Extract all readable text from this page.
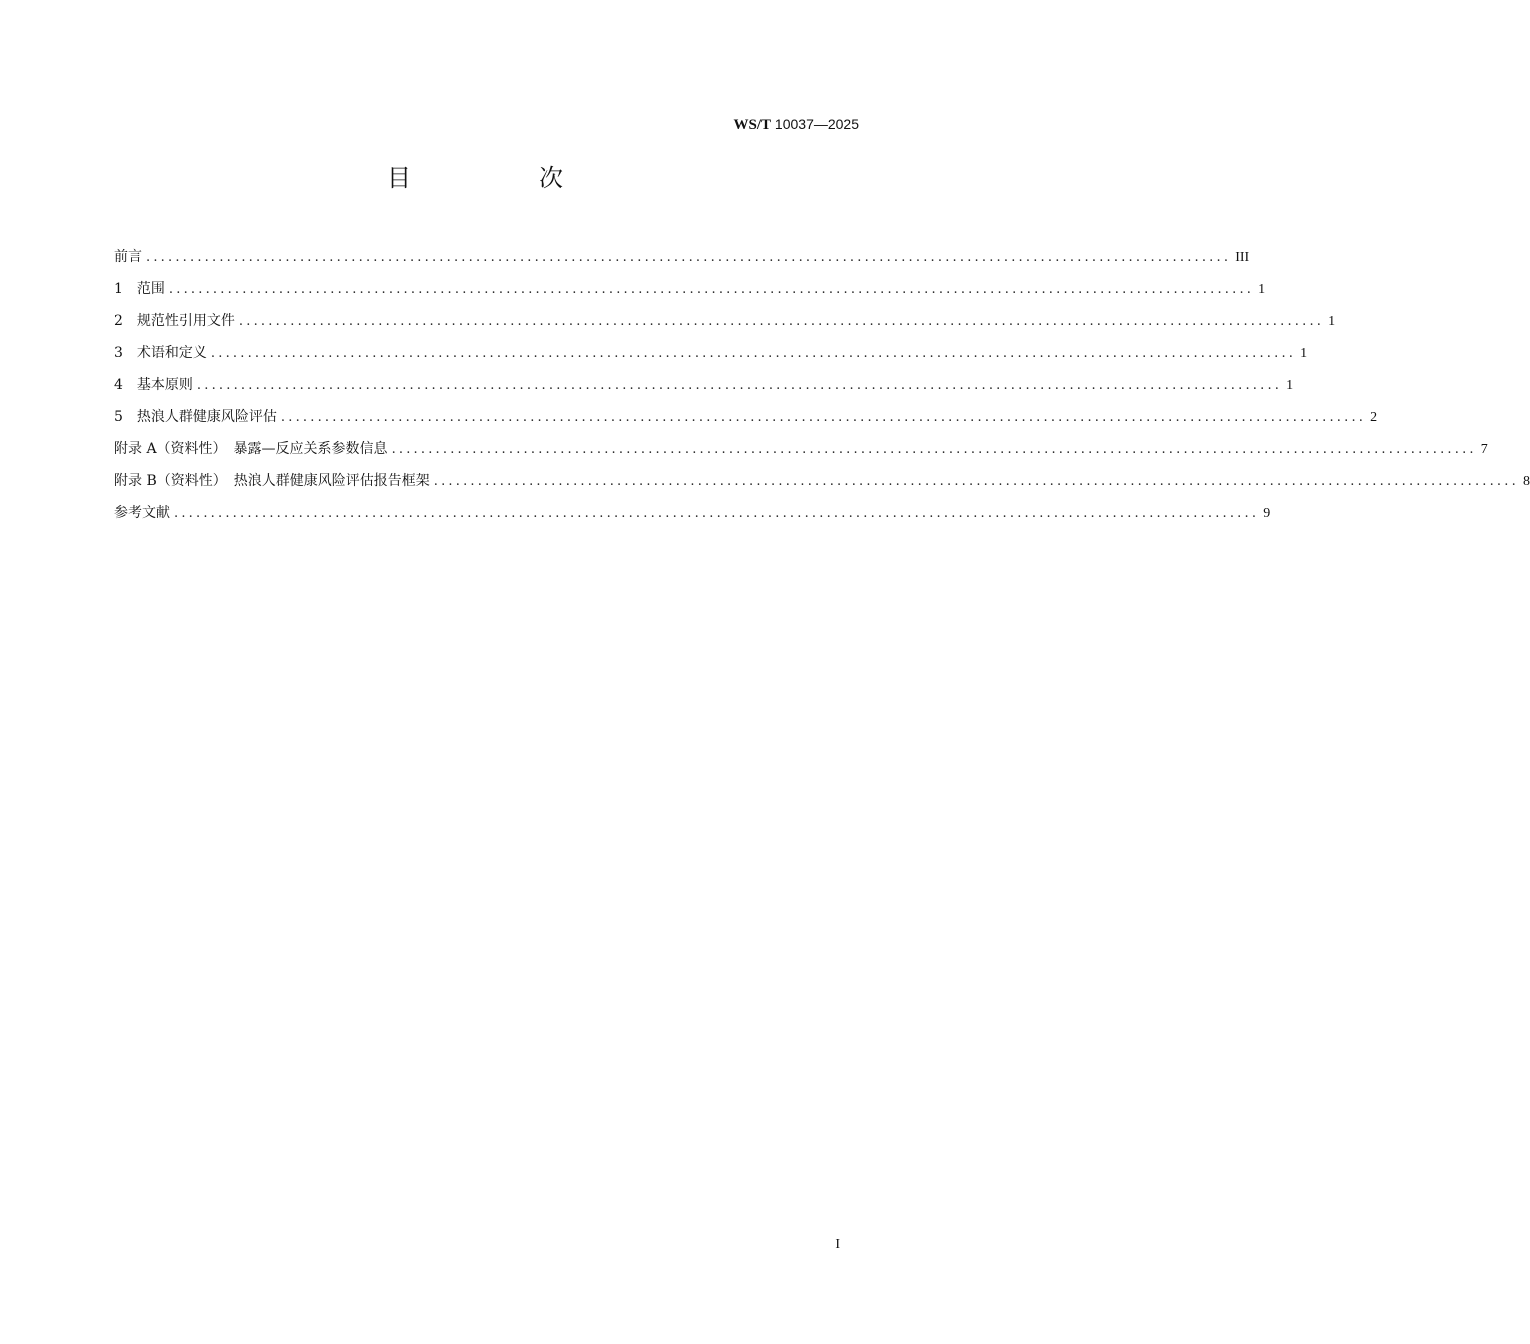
WS/T 10037—2025
目　次
前言 .................................................................................................................................................... III
1　范围 .................................................................................................................................................... 1
2　规范性引用文件 .................................................................................................................................................... 1
3　术语和定义 .................................................................................................................................................... 1
4　基本原则 .................................................................................................................................................... 1
5　热浪人群健康风险评估 .................................................................................................................................................... 2
附录 A（资料性）　暴露—反应关系参数信息 .................................................................................................................................................... 7
附录 B（资料性）　热浪人群健康风险评估报告框架 .................................................................................................................................................... 8
参考文献 .................................................................................................................................................... 9
I
